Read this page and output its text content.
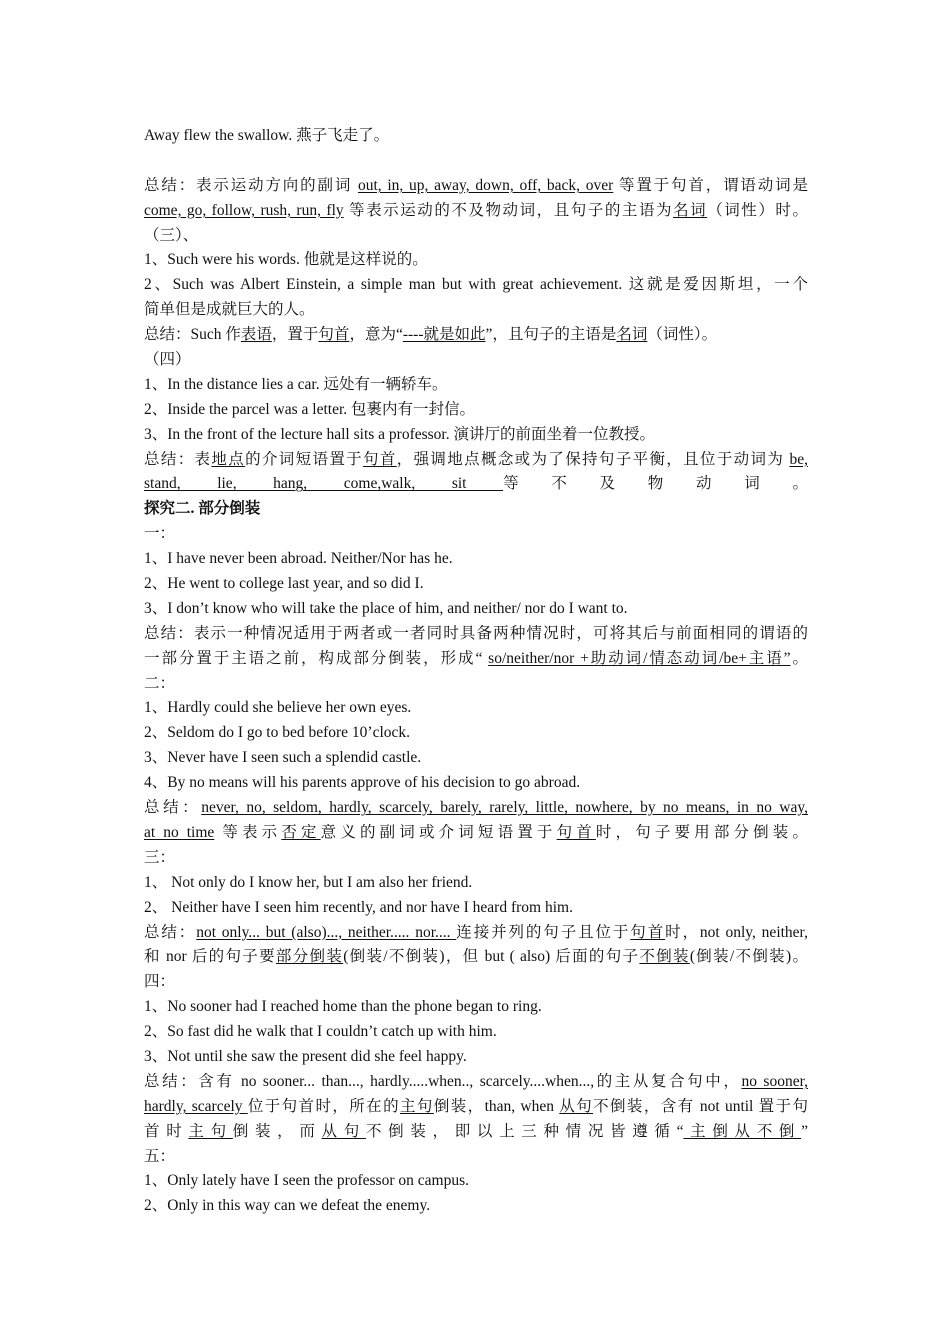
Away flew the swallow. 燕子飞走了。
总结：表示运动方向的副词 out, in, up, away, down, off, back, over 等置于句首，谓语动词是
come, go, follow, rush, run, fly 等表示运动的不及物动词，且句子的主语为名词（词性）时。
（三）、
1、Such were his words. 他就是这样说的。
2、Such was Albert Einstein, a simple man but with great achievement. 这就是爱因斯坦，一个
简单但是成就巨大的人。
总结：Such 作表语，置于句首，意为“----就是如此”，且句子的主语是名词（词性）。
（四）
1、In the distance lies a car. 远处有一辆轿车。
2、Inside the parcel was a letter. 包裹内有一封信。
3、In the front of the lecture hall sits a professor. 演讲厅的前面坐着一位教授。
总结：表地点的介词短语置于句首，强调地点概念或为了保持句子平衡，且位于动词为 be,
stand, lie, hang, come,walk, sit 等不及物动词。
探究二. 部分倒装
一：
1、I have never been abroad. Neither/Nor has he.
2、He went to college last year, and so did I.
3、I don’t know who will take the place of him, and neither/ nor do I want to.
总结：表示一种情况适用于两者或一者同时具备两种情况时，可将其后与前面相同的谓语的
一部分置于主语之前，构成部分倒装，形成“ so/neither/nor +助动词/情态动词/be+主语”。
二：
1、Hardly could she believe her own eyes.
2、Seldom do I go to bed before 10’clock.
3、Never have I seen such a splendid castle.
4、By no means will his parents approve of his decision to go abroad.
总结：never, no, seldom, hardly, scarcely, barely, rarely, little, nowhere, by no means, in no way,
at no time 等表示否定意义的副词或介词短语置于句首时，句子要用部分倒装。
三：
1、 Not only do I know her, but I am also her friend.
2、 Neither have I seen him recently, and nor have I heard from him.
总结：not only... but (also)..., neither..... nor.... 连接并列的句子且位于句首时，not only, neither,
和 nor 后的句子要部分倒装(倒装/不倒装)，但 but ( also) 后面的句子不倒装(倒装/不倒装)。
四：
1、No sooner had I reached home than the phone began to ring.
2、So fast did he walk that I couldn’t catch up with him.
3、Not until she saw the present did she feel happy.
总结：含有 no sooner... than..., hardly.....when.., scarcely....when...,的主从复合句中，no sooner,
hardly, scarcely 位于句首时，所在的主句倒装，than, when 从句不倒装，含有 not until 置于句
首时主句倒装，而从句不倒装，即以上三种情况皆遵循“主倒从不倒”
五：
1、Only lately have I seen the professor on campus.
2、Only in this way can we defeat the enemy.
